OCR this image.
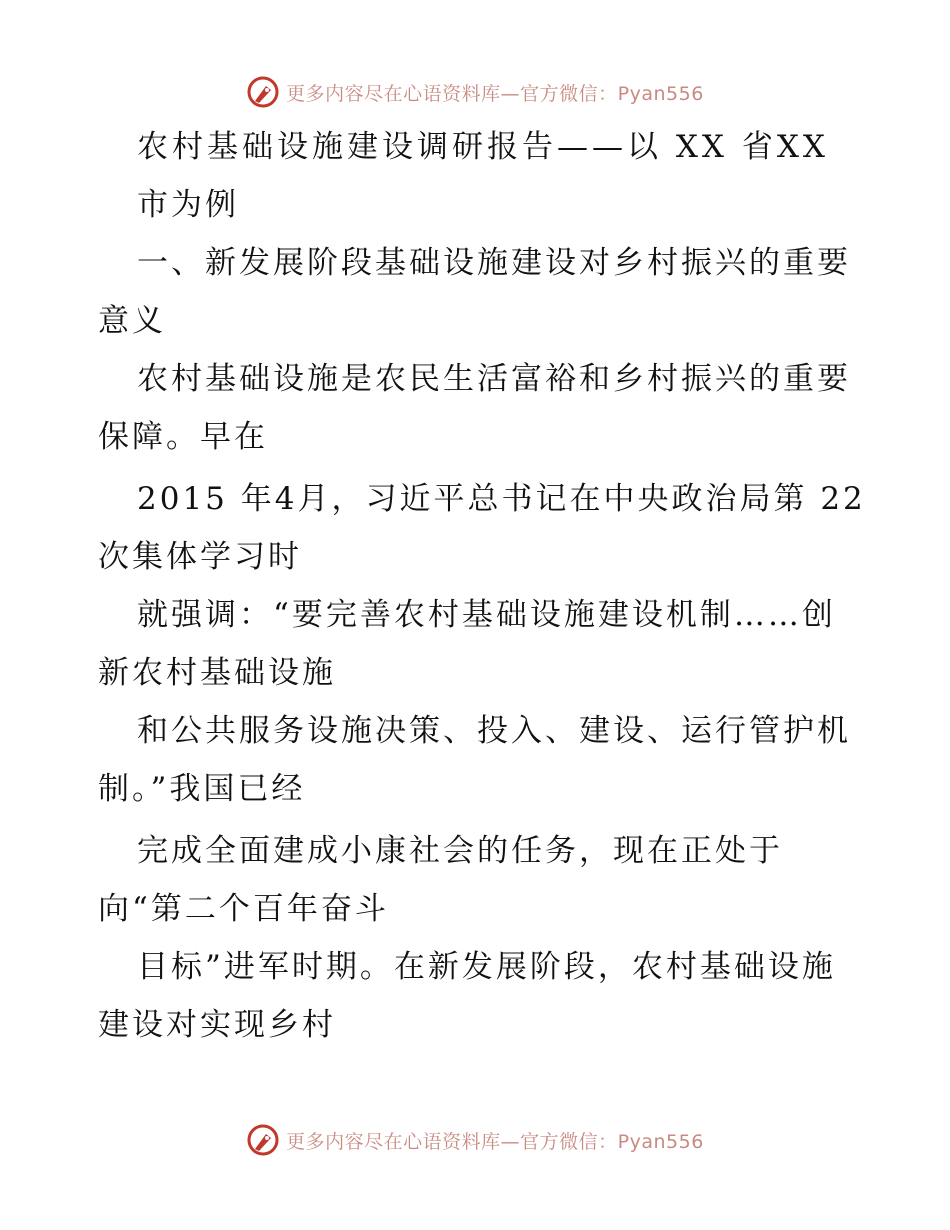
更多内容尽在心语资料库—官方微信：Pyan556
农村基础设施建设调研报告——以 XX 省XX
市为例
一、新发展阶段基础设施建设对乡村振兴的重要
意义
农村基础设施是农民生活富裕和乡村振兴的重要
保障。早在
2015 年4月，习近平总书记在中央政治局第 22
次集体学习时
就强调：“要完善农村基础设施建设机制……创
新农村基础设施
和公共服务设施决策、投入、建设、运行管护机
制。”我国已经
完成全面建成小康社会的任务，现在正处于
向“第二个百年奋斗
目标”进军时期。在新发展阶段，农村基础设施
建设对实现乡村
更多内容尽在心语资料库—官方微信：Pyan556
